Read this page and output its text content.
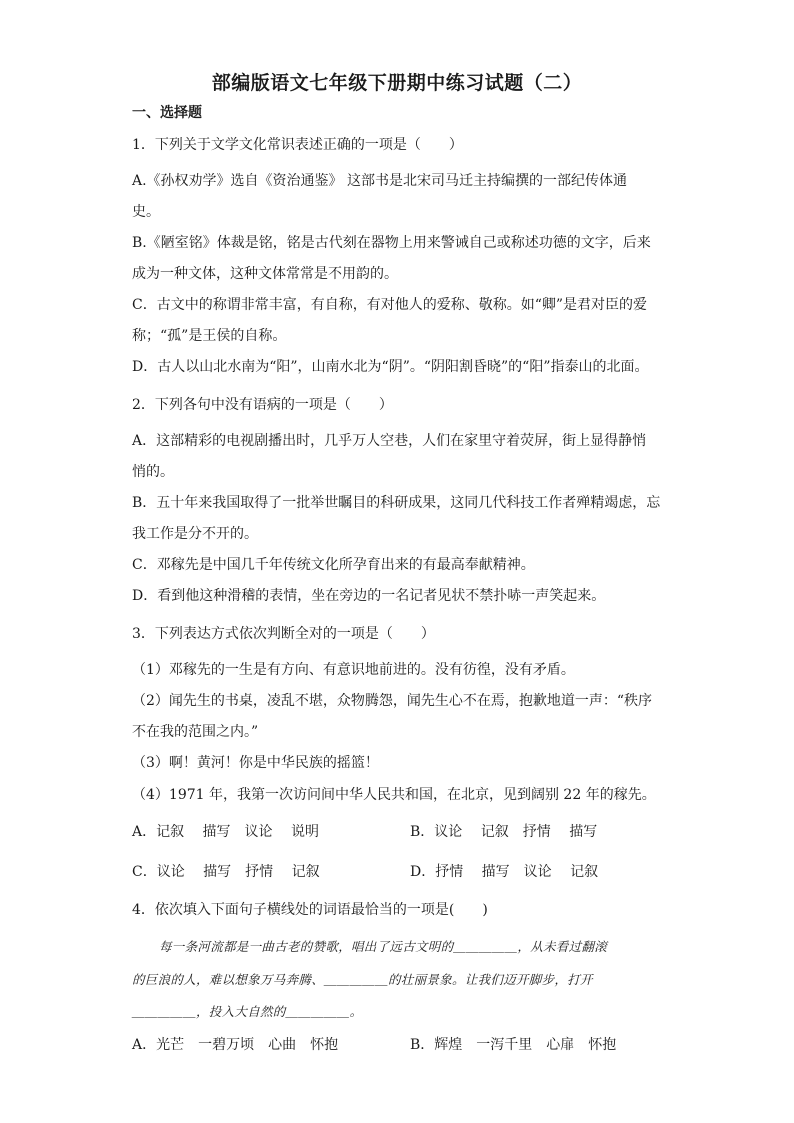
部编版语文七年级下册期中练习试题（二）
一、选择题
1．下列关于文学文化常识表述正确的一项是（　　）
A.《孙权劝学》选自《资治通鉴》 这部书是北宋司马迁主持编撰的一部纪传体通
史。
B.《陋室铭》体裁是铭，铭是古代刻在器物上用来警诫自己或称述功德的文字，后来
成为一种文体，这种文体常常是不用韵的。
C．古文中的称谓非常丰富，有自称，有对他人的爱称、敬称。如“卿”是君对臣的爱
称；“孤”是王侯的自称。
D．古人以山北水南为“阳”，山南水北为“阴”。“阴阳割昏晓”的“阳”指泰山的北面。
2．下列各句中没有语病的一项是（　　）
A．这部精彩的电视剧播出时，几乎万人空巷，人们在家里守着荧屏，街上显得静悄
悄的。
B．五十年来我国取得了一批举世瞩目的科研成果，这同几代科技工作者殚精竭虑，忘
我工作是分不开的。
C．邓稼先是中国几千年传统文化所孕育出来的有最高奉献精神。
D．看到他这种滑稽的表情，坐在旁边的一名记者见状不禁扑哧一声笑起来。
3．下列表达方式依次判断全对的一项是（　　）
（1）邓稼先的一生是有方向、有意识地前进的。没有彷徨，没有矛盾。
（2）闻先生的书桌，凌乱不堪，众物腾怨，闻先生心不在焉，抱歉地道一声：“秩序
不在我的范围之内。”
（3）啊！黄河！你是中华民族的摇篮！
（4）1971 年，我第一次访问间中华人民共和国，在北京，见到阔别 22 年的稼先。
A．记叙　 描写　议论　 说明	B．议论　 记叙　抒情　 描写
C．议论　 描写　抒情　 记叙	D．抒情　 描写　议论　 记叙
4．依次填入下面句子横线处的词语最恰当的一项是(　　)
每一条河流都是一曲古老的赞歌，唱出了远古文明的＿＿＿＿＿，从未看过翻滚
的巨浪的人，难以想象万马奔腾、＿＿＿＿＿的壮丽景象。让我们迈开脚步，打开
＿＿＿＿＿，投入大自然的＿＿＿＿＿。
A．光芒　一碧万顷　心曲　怀抱	B．辉煌　一泻千里　心扉　怀抱
